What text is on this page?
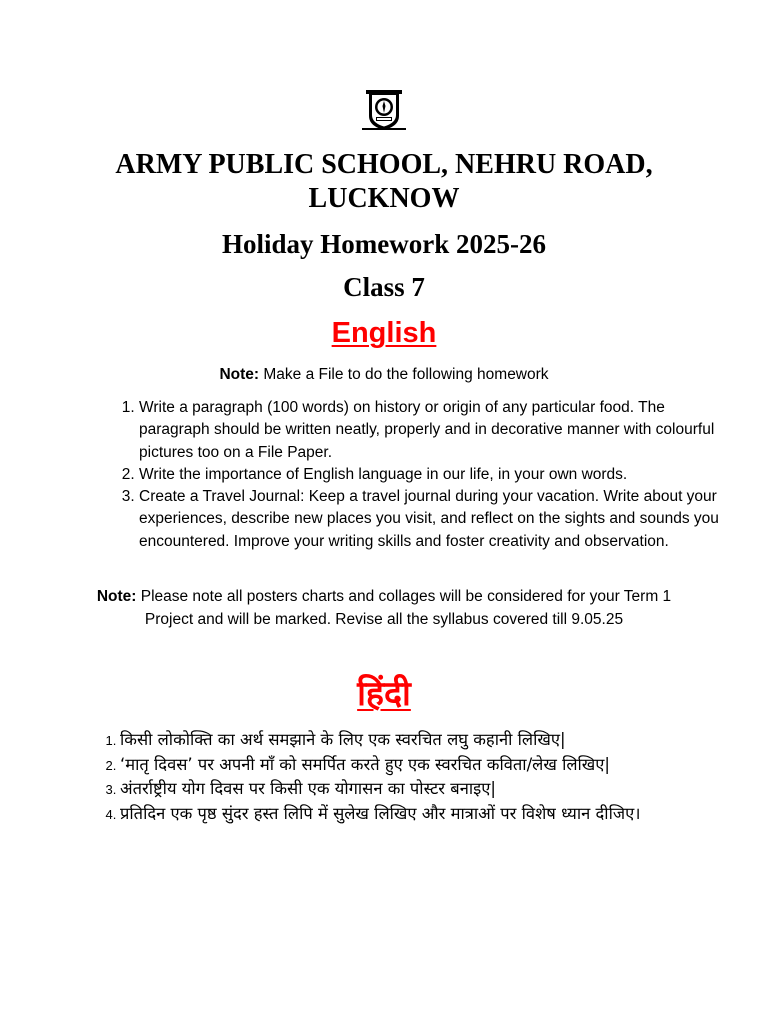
ARMY PUBLIC SCHOOL, NEHRU ROAD, LUCKNOW
Holiday Homework 2025-26
Class 7
English

Note: Make a File to do the following homework

1. Write a paragraph (100 words) on history or origin of any particular food. The paragraph should be written neatly, properly and in decorative manner with colourful pictures too on a File Paper.
2. Write the importance of English language in our life, in your own words.
3. Create a Travel Journal: Keep a travel journal during your vacation. Write about your experiences, describe new places you visit, and reflect on the sights and sounds you encountered. Improve your writing skills and foster creativity and observation.

Note: Please note all posters charts and collages will be considered for your Term 1 Project and will be marked. Revise all the syllabus covered till 9.05.25

हिंदी
1. किसी लोकोक्ति का अर्थ समझाने के लिए एक स्वरचित लघु कहानी लिखिए|
2. ‘मातृ दिवस’ पर अपनी माँ को समर्पित करते हुए एक स्वरचित कविता/लेख लिखिए|
3. अंतर्राष्ट्रीय योग दिवस पर किसी एक योगासन का पोस्टर बनाइए|
4. प्रतिदिन एक पृष्ठ सुंदर हस्त लिपि में सुलेख लिखिए और मात्राओं पर विशेष ध्यान दीजिए।
